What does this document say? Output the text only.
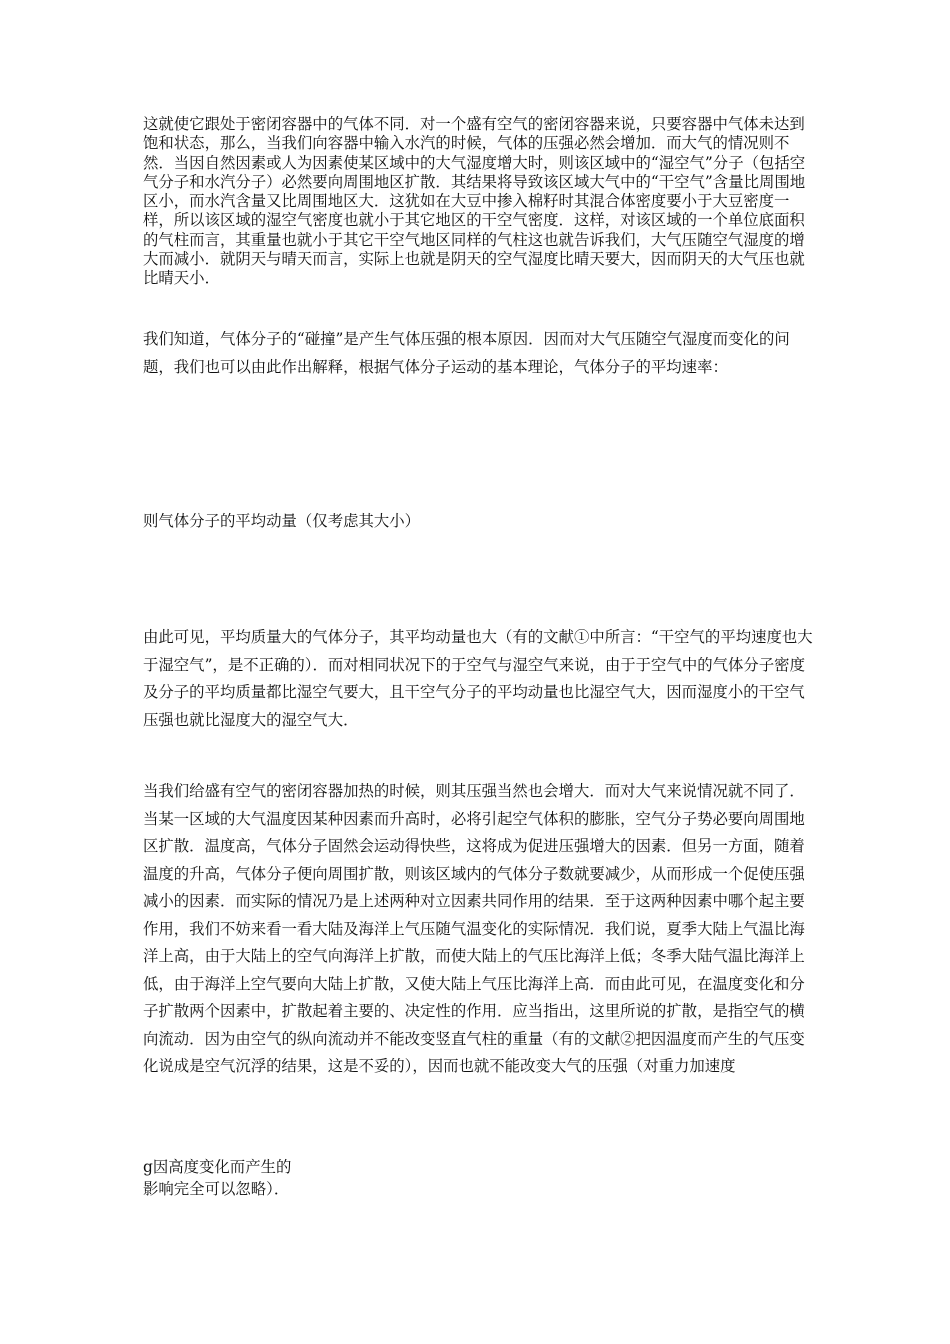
这就使它跟处于密闭容器中的气体不同．对一个盛有空气的密闭容器来说，只要容器中气体未达到饱和状态，那么，当我们向容器中输入水汽的时候，气体的压强必然会增加．而大气的情况则不然．当因自然因素或人为因素使某区域中的大气湿度增大时，则该区域中的“湿空气”分子（包括空气分子和水汽分子）必然要向周围地区扩散．其结果将导致该区域大气中的“干空气”含量比周围地区小，而水汽含量又比周围地区大．这犹如在大豆中掺入棉籽时其混合体密度要小于大豆密度一样，所以该区域的湿空气密度也就小于其它地区的干空气密度．这样，对该区域的一个单位底面积的气柱而言，其重量也就小于其它干空气地区同样的气柱这也就告诉我们，大气压随空气湿度的增大而减小．就阴天与晴天而言，实际上也就是阴天的空气湿度比晴天要大，因而阴天的大气压也就比晴天小．

我们知道，气体分子的“碰撞”是产生气体压强的根本原因．因而对大气压随空气湿度而变化的问题，我们也可以由此作出解释，根据气体分子运动的基本理论，气体分子的平均速率：

则气体分子的平均动量（仅考虑其大小）

由此可见，平均质量大的气体分子，其平均动量也大（有的文献①中所言：“干空气的平均速度也大于湿空气”，是不正确的）．而对相同状况下的于空气与湿空气来说，由于于空气中的气体分子密度及分子的平均质量都比湿空气要大，且干空气分子的平均动量也比湿空气大，因而湿度小的干空气压强也就比湿度大的湿空气大．

当我们给盛有空气的密闭容器加热的时候，则其压强当然也会增大．而对大气来说情况就不同了．当某一区域的大气温度因某种因素而升高时，必将引起空气体积的膨胀，空气分子势必要向周围地区扩散．温度高，气体分子固然会运动得快些，这将成为促进压强增大的因素．但另一方面，随着温度的升高，气体分子便向周围扩散，则该区域内的气体分子数就要减少，从而形成一个促使压强减小的因素．而实际的情况乃是上述两种对立因素共同作用的结果．至于这两种因素中哪个起主要作用，我们不妨来看一看大陆及海洋上气压随气温变化的实际情况．我们说，夏季大陆上气温比海洋上高，由于大陆上的空气向海洋上扩散，而使大陆上的气压比海洋上低；冬季大陆气温比海洋上低，由于海洋上空气要向大陆上扩散，又使大陆上气压比海洋上高．而由此可见，在温度变化和分子扩散两个因素中，扩散起着主要的、决定性的作用．应当指出，这里所说的扩散，是指空气的横向流动．因为由空气的纵向流动并不能改变竖直气柱的重量（有的文献②把因温度而产生的气压变化说成是空气沉浮的结果，这是不妥的），因而也就不能改变大气的压强（对重力加速度

g因高度变化而产生的
影响完全可以忽略）．
